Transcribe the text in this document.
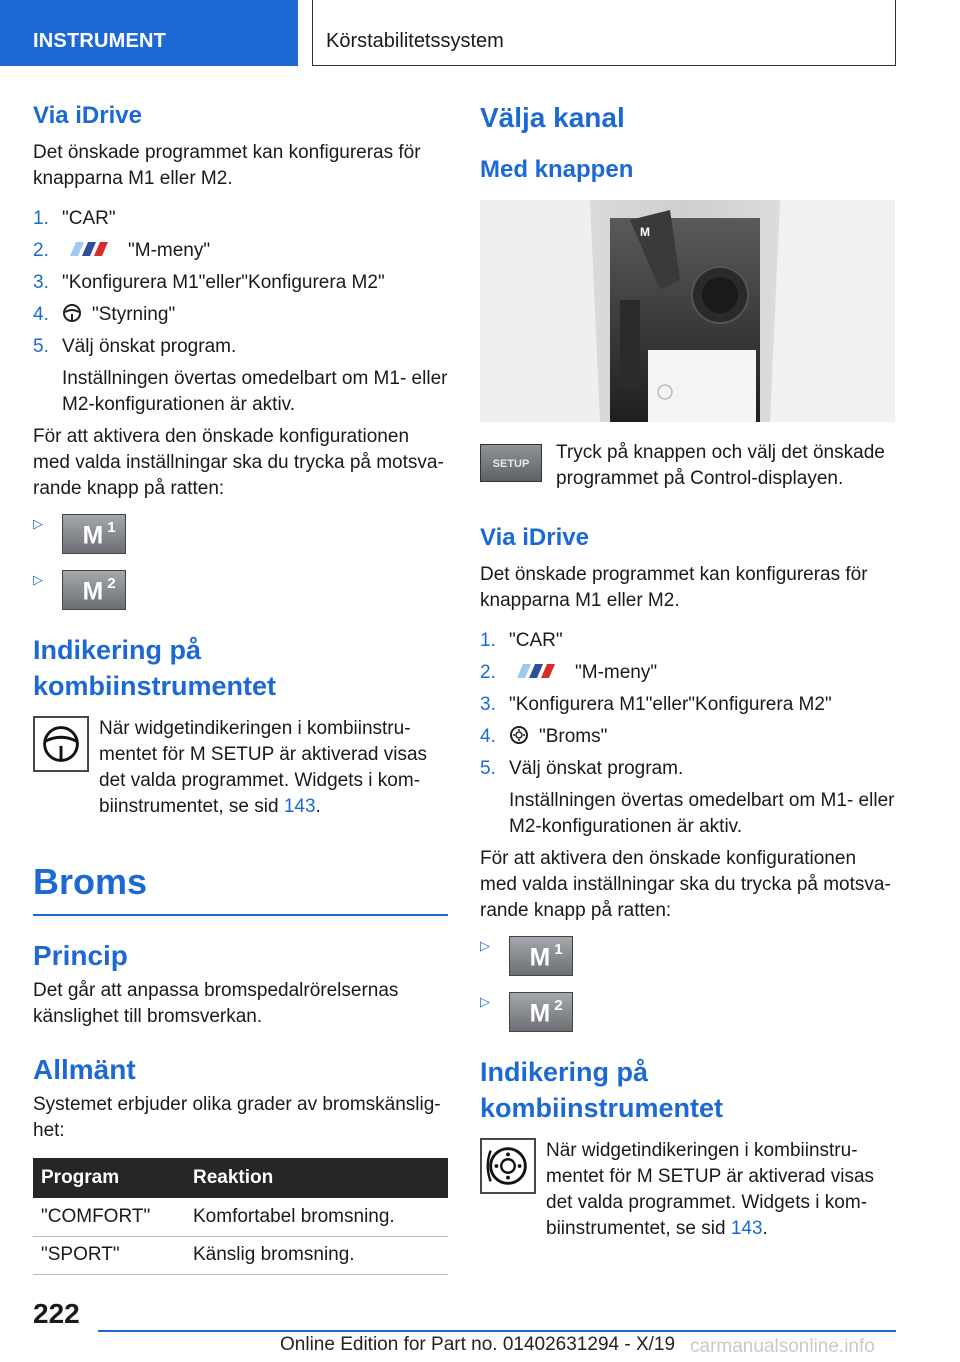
INSTRUMENT	Körstabilitetssystem
Via iDrive
Det önskade programmet kan konfigureras för knapparna M1 eller M2.
1. "CAR"
2.	"M-meny"
3. "Konfigurera M1"eller"Konfigurera M2"
4. "Styrning"
5. Välj önskat program.
Inställningen övertas omedelbart om M1- eller M2-konfigurationen är aktiv.
För att aktivera den önskade konfigurationen med valda inställningar ska du trycka på motsvarande knapp på ratten:
▷ M 1
▷ M 2
Indikering på kombiinstrumentet

När widgetindikeringen i kombiinstrumentet för M SETUP är aktiverad visas det valda programmet. Widgets i kombiinstrumentet, se sid 143.

Broms
Princip
Det går att anpassa bromspedalrörelsernas känslighet till bromsverkan.
Allmänt
Systemet erbjuder olika grader av bromskänslighet:
Program	Reaktion
"COMFORT"	Komfortabel bromsning.
"SPORT"	Känslig bromsning.
Välja kanal
Med knappen
M
SETUP
Tryck på knappen och välj det önskade programmet på Control-displayen.
Via iDrive
Det önskade programmet kan konfigureras för knapparna M1 eller M2.
1. "CAR"
2.	"M-meny"
3. "Konfigurera M1"eller"Konfigurera M2"
4. "Broms"
5. Välj önskat program.
Inställningen övertas omedelbart om M1- eller M2-konfigurationen är aktiv.
För att aktivera den önskade konfigurationen med valda inställningar ska du trycka på motsvarande knapp på ratten:
▷ M 1
▷ M 2
Indikering på kombiinstrumentet

När widgetindikeringen i kombiinstrumentet för M SETUP är aktiverad visas det valda programmet. Widgets i kombiinstrumentet, se sid 143.

222
Online Edition for Part no. 01402631294 - X/19 carmanualsonline.info
